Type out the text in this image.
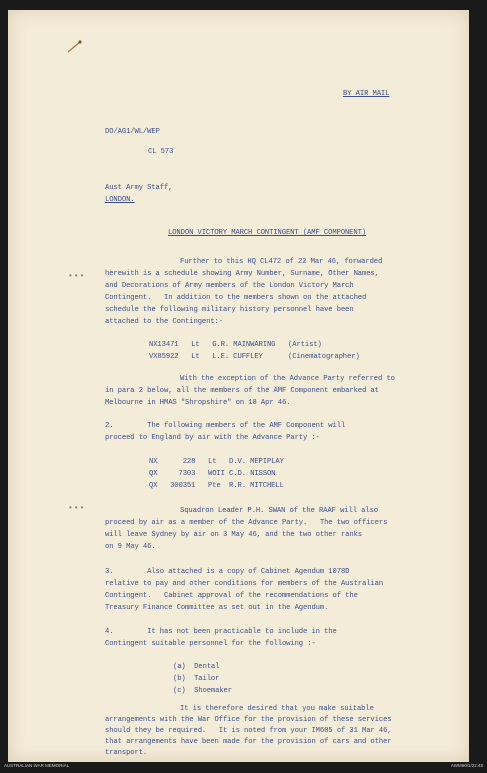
BY AIR MAIL
DO/AG1/WL/WEP
CL 573
Aust Army Staff,
LONDON.
LONDON VICTORY MARCH CONTINGENT (AMF COMPONENT)
Further to this HQ CL472 of 22 Mar 46, forwarded
herewith is a schedule showing Army Number, Surname, Other Names,
and Decorations of Army members of the London Victory March
Contingent.   In addition to the members shown on the attached
schedule the following military history personnel have been
attached to the Contingent:-
NX13471   Lt   G.R. MAINWARING   (Artist)
VX85922   Lt   L.E. CUFFLEY      (Cinematographer)
With the exception of the Advance Party referred to
in para 2 below, all the members of the AMF Component embarked at
Melbourne in HMAS "Shropshire" on 18 Apr 46.
2.        The following members of the AMF Component will
proceed to England by air with the Advance Party :-
NX      228   Lt   D.V. MEPIPLAY
QX     7303   WOII C.D. NISSON
QX   300351   Pte  R.R. MITCHELL
Squadron Leader P.H. SWAN of the RAAF will also
proceed by air as a member of the Advance Party.   The two officers
will leave Sydney by air on 3 May 46, and the two other ranks
on 9 May 46.
3.        Also attached is a copy of Cabinet Agendum 1078D
relative to pay and other conditions for members of the Australian
Contingent.   Cabinet approval of the recommendations of the
Treasury Finance Committee as set out in the Agendum.
4.        It has not been practicable to include in the
Contingent suitable personnel for the following :-
(a)  Dental
(b)  Tailor
(c)  Shoemaker
It is therefore desired that you make suitable
arrangements with the War Office for the provision of these services
should they be required.   It is noted from your IM605 of 31 Mar 46,
that arrangements have been made for the provision of cars and other
transport.
•••
•••
AUSTRALIAN WAR MEMORIAL	AWM60/1/22.48
